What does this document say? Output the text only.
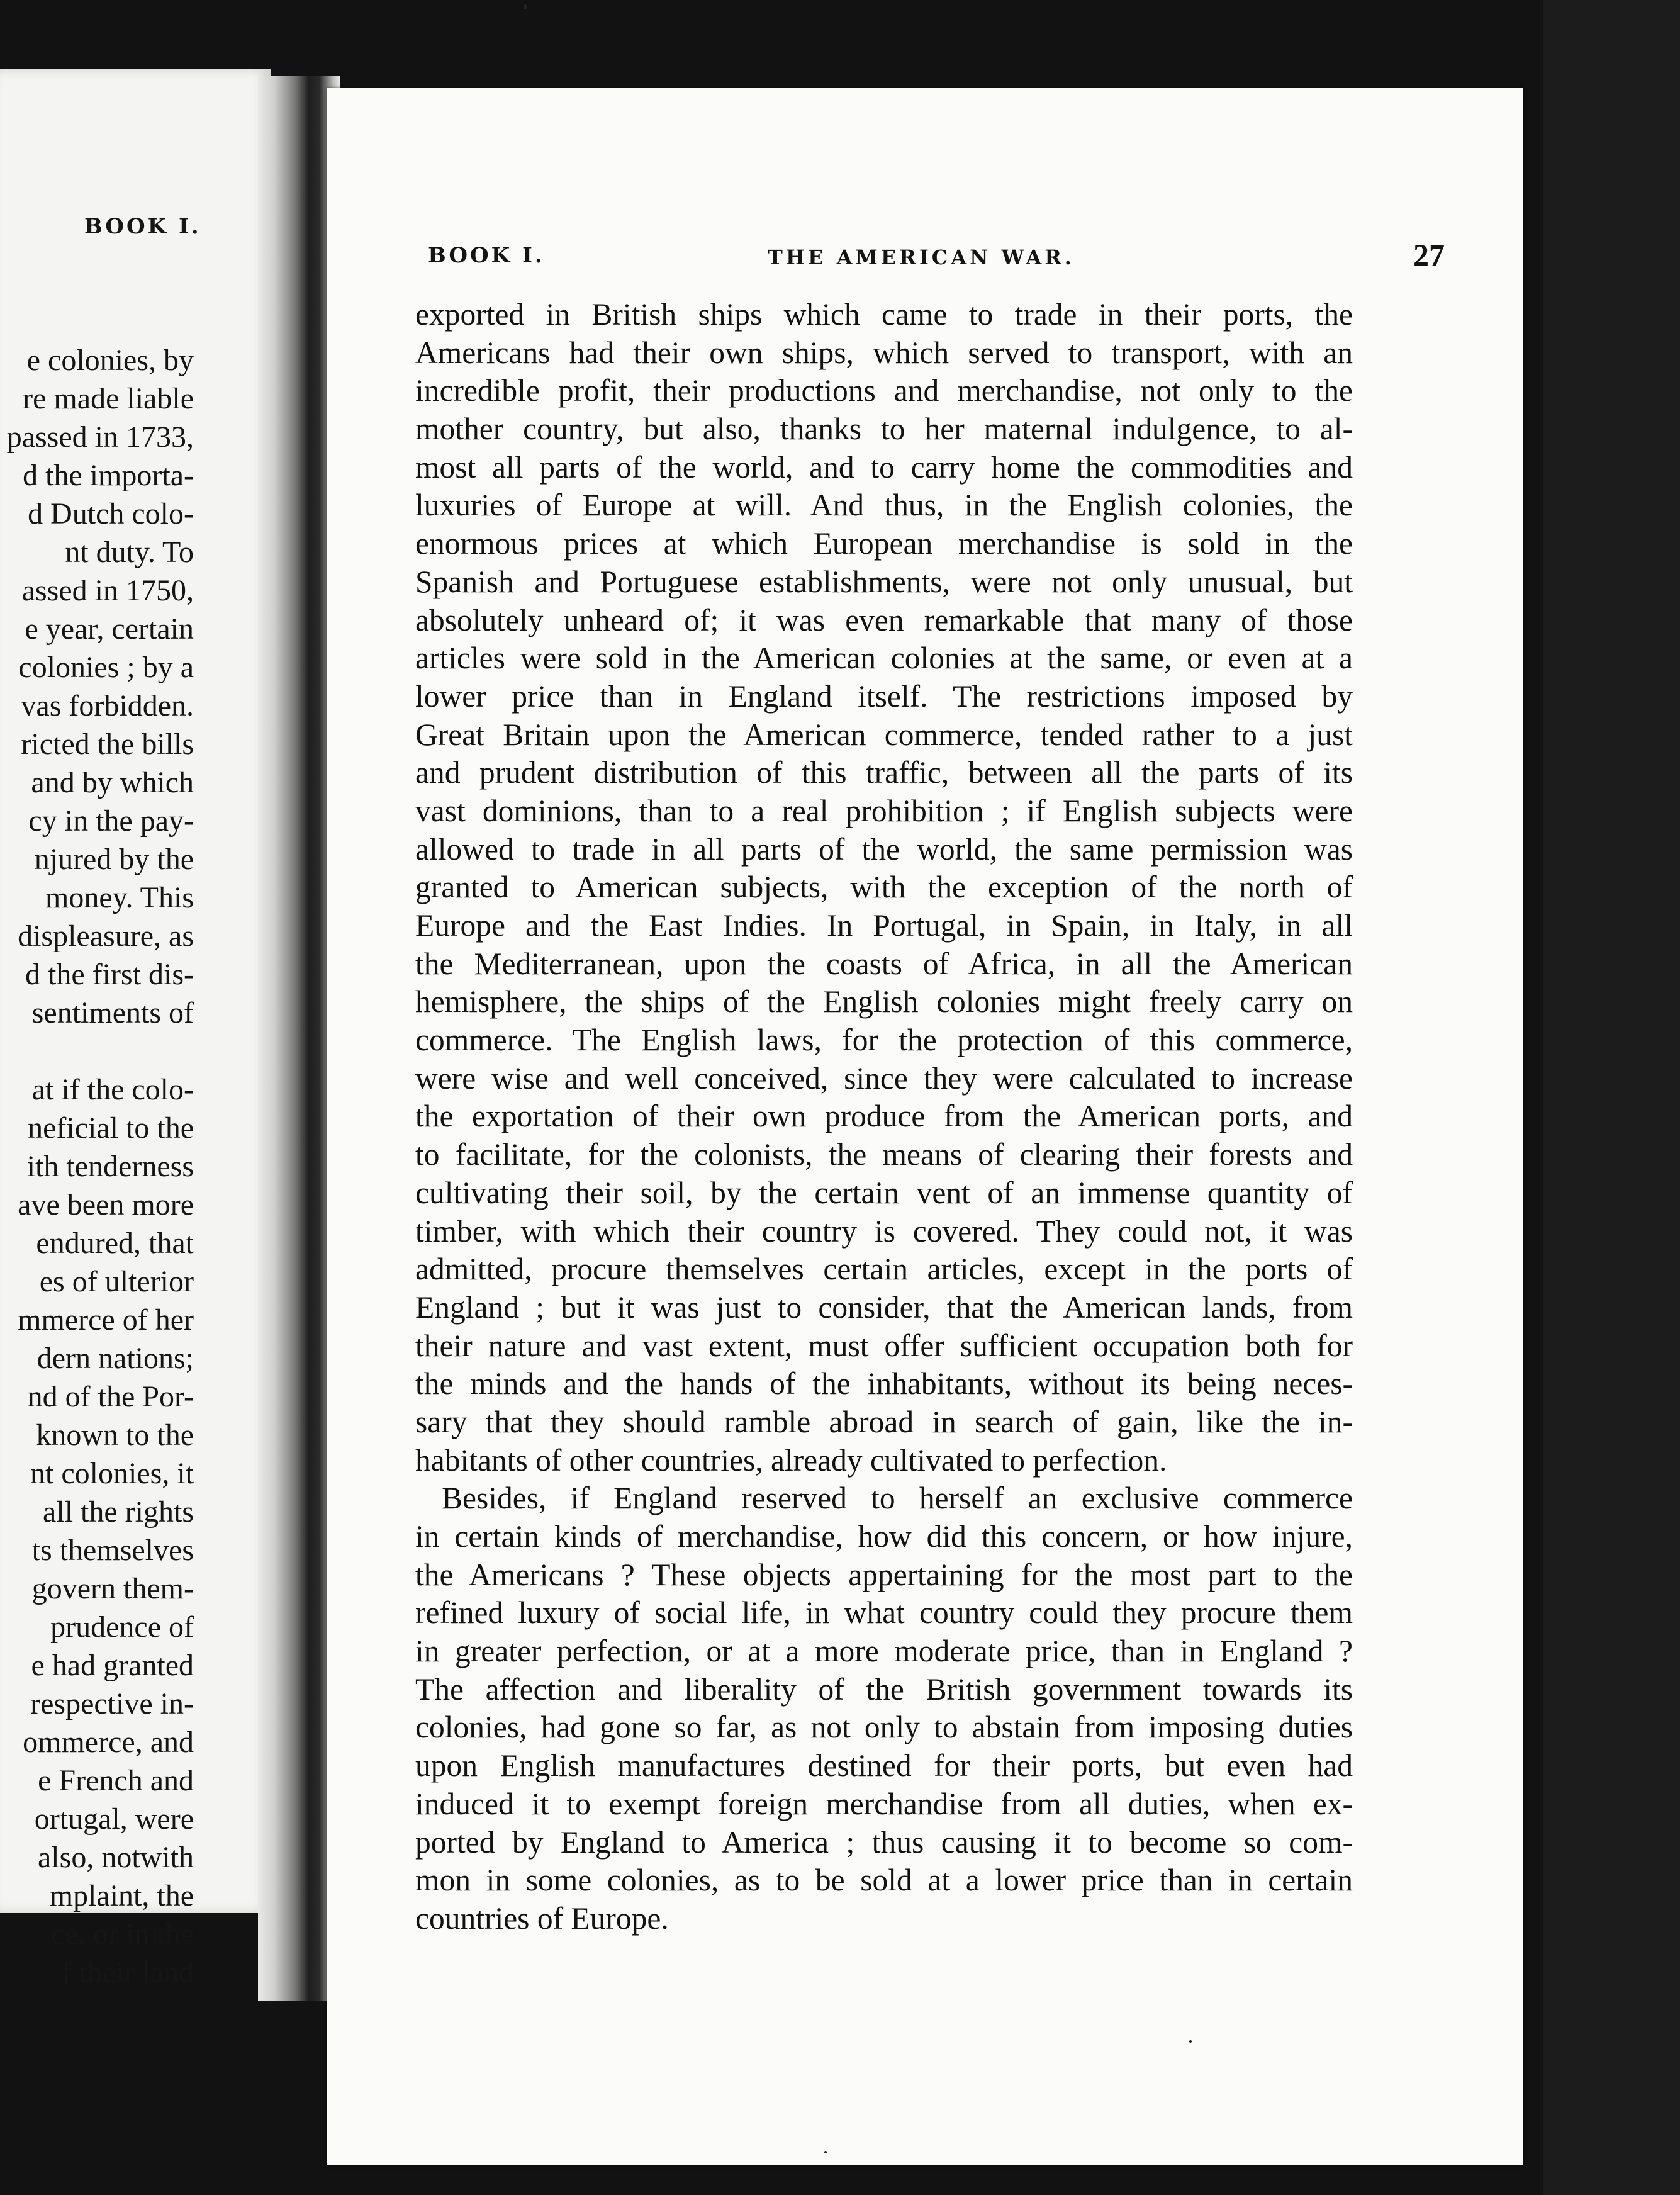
BOOK I.
e colonies, by
re made liable
passed in 1733,
d the importa-
d Dutch colo-
nt duty. To
assed in 1750,
e year, certain
colonies ; by a
vas forbidden.
ricted the bills
and by which
cy in the pay-
njured by the
money. This
displeasure, as
d the first dis-
sentiments of
at if the colo-
neficial to the
ith tenderness
ave been more
endured, that
es of ulterior
mmerce of her
dern nations;
nd of the Por-
known to the
nt colonies, it
all the rights
ts themselves
govern them-
prudence of
e had granted
respective in-
ommerce, and
e French and
ortugal, were
also, notwith
mplaint, the
ce, or in the
f their land
BOOK I.	THE AMERICAN WAR.	27
exported in British ships which came to trade in their ports, the
Americans had their own ships, which served to transport, with an
incredible profit, their productions and merchandise, not only to the
mother country, but also, thanks to her maternal indulgence, to al-
most all parts of the world, and to carry home the commodities and
luxuries of Europe at will. And thus, in the English colonies, the
enormous prices at which European merchandise is sold in the
Spanish and Portuguese establishments, were not only unusual, but
absolutely unheard of; it was even remarkable that many of those
articles were sold in the American colonies at the same, or even at a
lower price than in England itself. The restrictions imposed by
Great Britain upon the American commerce, tended rather to a just
and prudent distribution of this traffic, between all the parts of its
vast dominions, than to a real prohibition ; if English subjects were
allowed to trade in all parts of the world, the same permission was
granted to American subjects, with the exception of the north of
Europe and the East Indies. In Portugal, in Spain, in Italy, in all
the Mediterranean, upon the coasts of Africa, in all the American
hemisphere, the ships of the English colonies might freely carry on
commerce. The English laws, for the protection of this commerce,
were wise and well conceived, since they were calculated to increase
the exportation of their own produce from the American ports, and
to facilitate, for the colonists, the means of clearing their forests and
cultivating their soil, by the certain vent of an immense quantity of
timber, with which their country is covered. They could not, it was
admitted, procure themselves certain articles, except in the ports of
England ; but it was just to consider, that the American lands, from
their nature and vast extent, must offer sufficient occupation both for
the minds and the hands of the inhabitants, without its being neces-
sary that they should ramble abroad in search of gain, like the in-
habitants of other countries, already cultivated to perfection.
Besides, if England reserved to herself an exclusive commerce
in certain kinds of merchandise, how did this concern, or how injure,
the Americans ? These objects appertaining for the most part to the
refined luxury of social life, in what country could they procure them
in greater perfection, or at a more moderate price, than in England ?
The affection and liberality of the British government towards its
colonies, had gone so far, as not only to abstain from imposing duties
upon English manufactures destined for their ports, but even had
induced it to exempt foreign merchandise from all duties, when ex-
ported by England to America ; thus causing it to become so com-
mon in some colonies, as to be sold at a lower price than in certain
countries of Europe.
